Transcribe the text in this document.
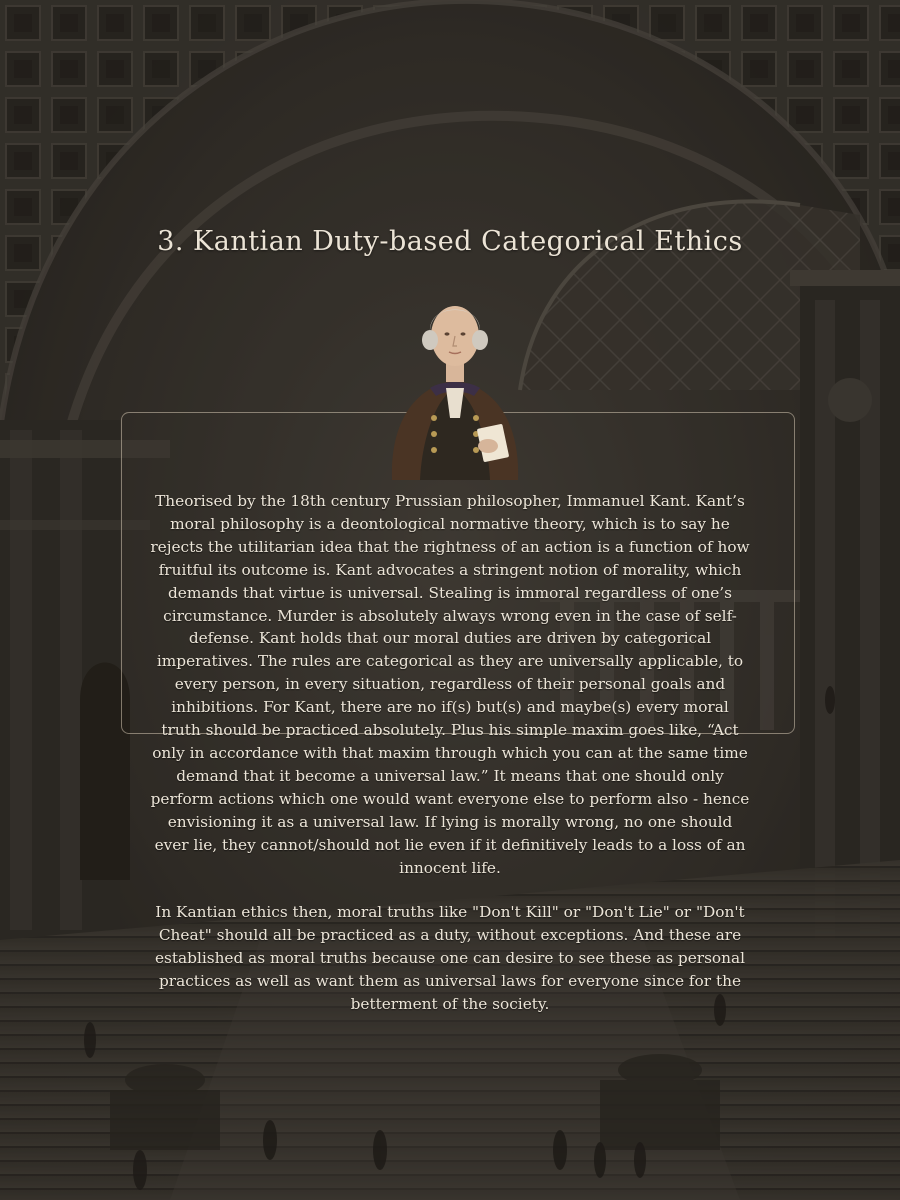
3. Kantian Duty-based Categorical Ethics

Theorised by the 18th century Prussian philosopher, Immanuel Kant. Kant’s moral philosophy is a deontological normative theory, which is to say he rejects the utilitarian idea that the rightness of an action is a function of how fruitful its outcome is. Kant advocates a stringent notion of morality, which demands that virtue is universal. Stealing is immoral regardless of one’s circumstance. Murder is absolutely always wrong even in the case of self-defense. Kant holds that our moral duties are driven by categorical imperatives. The rules are categorical as they are universally applicable, to every person, in every situation, regardless of their personal goals and inhibitions. For Kant, there are no if(s) but(s) and maybe(s) every moral truth should be practiced absolutely. Plus his simple maxim goes like, “Act only in accordance with that maxim through which you can at the same time demand that it become a universal law.” It means that one should only perform actions which one would want everyone else to perform also - hence envisioning it as a universal law. If lying is morally wrong, no one should ever lie, they cannot/should not lie even if it definitively leads to a loss of an innocent life.

In Kantian ethics then, moral truths like "Don't Kill" or "Don't Lie" or "Don't Cheat" should all be practiced as a duty, without exceptions. And these are established as moral truths because one can desire to see these as personal practices as well as want them as universal laws for everyone since for the betterment of the society.
